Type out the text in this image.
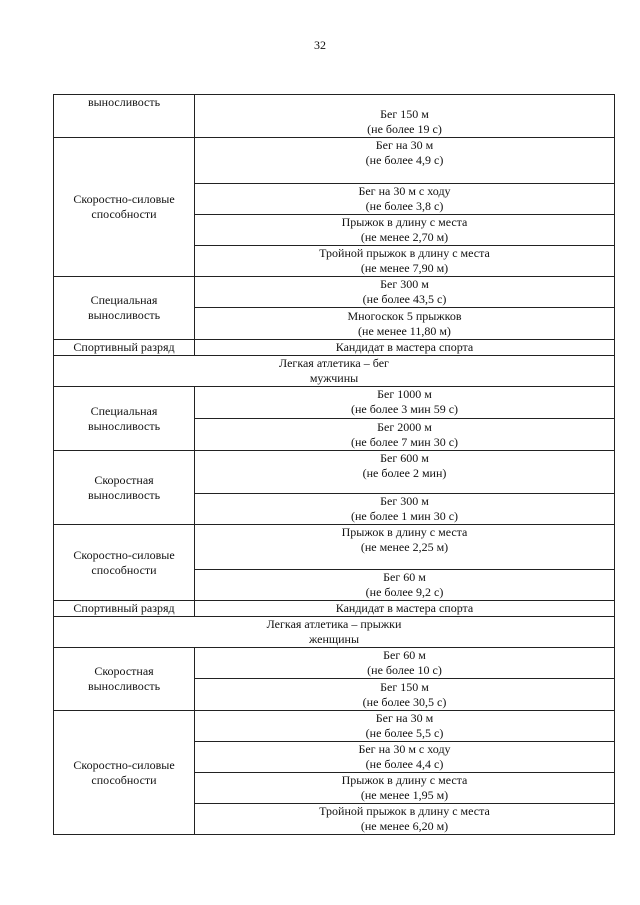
32
выносливость	Бег 150 м
(не более 19 с)
Скоростно-силовые
способности	Бег на 30 м
(не более 4,9 с)
	Бег на 30 м с ходу
(не более 3,8 с)
	Прыжок в длину с места
(не менее 2,70 м)
	Тройной прыжок в длину с места
(не менее 7,90 м)
Специальная
выносливость	Бег 300 м
(не более 43,5 с)
	Многоскок 5 прыжков
(не менее 11,80 м)
Спортивный разряд	Кандидат в мастера спорта
Легкая атлетика – бег
мужчины	
Специальная
выносливость	Бег 1000 м
(не более 3 мин 59 с)
	Бег 2000 м
(не более 7 мин 30 с)
Скоростная
выносливость	Бег 600 м
(не более 2 мин)
	Бег 300 м
(не более 1 мин 30 с)
Скоростно-силовые
способности	Прыжок в длину с места
(не менее 2,25 м)
	Бег 60 м
(не более 9,2 с)
Спортивный разряд	Кандидат в мастера спорта
Легкая атлетика – прыжки
женщины	
Скоростная
выносливость	Бег 60 м
(не более 10 с)
	Бег 150 м
(не более 30,5 с)
Скоростно-силовые
способности	Бег на 30 м
(не более 5,5 с)
	Бег на 30 м с ходу
(не более 4,4 с)
	Прыжок в длину с места
(не менее 1,95 м)
	Тройной прыжок в длину с места
(не менее 6,20 м)
